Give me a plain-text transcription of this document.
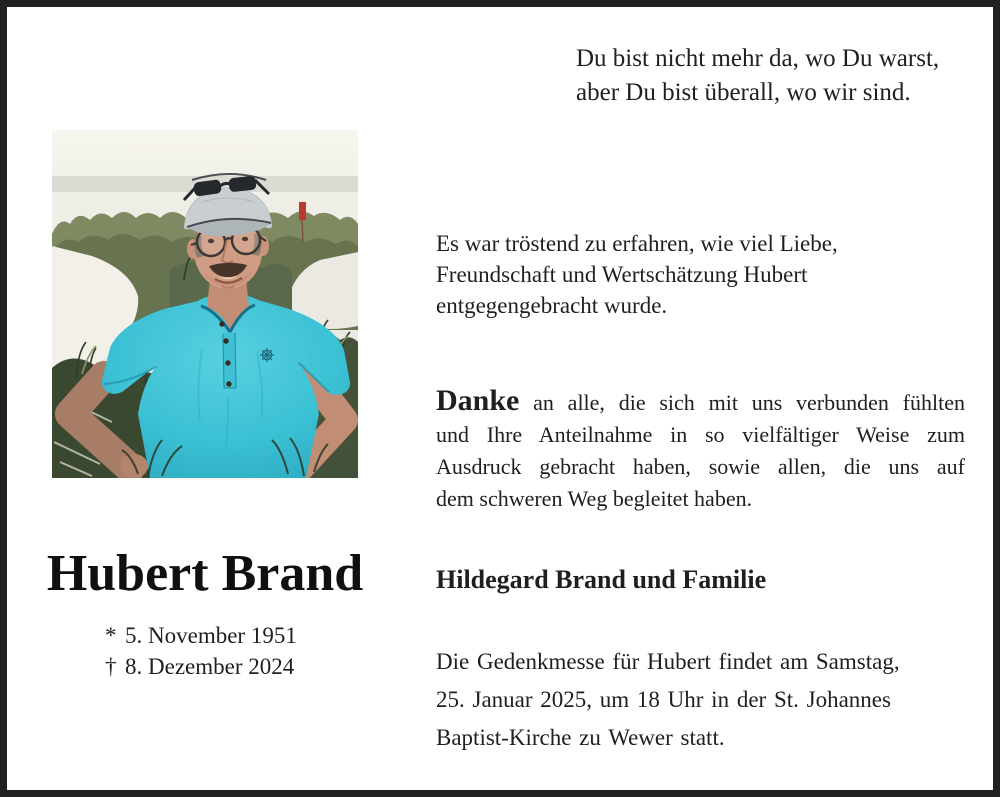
Du bist nicht mehr da, wo Du warst,
aber Du bist überall, wo wir sind.
Hubert Brand
* 5. November 1951
† 8. Dezember 2024
Es war tröstend zu erfahren, wie viel Liebe,
Freundschaft und Wertschätzung Hubert
entgegengebracht wurde.
Danke an alle, die sich mit uns verbunden fühlten
und Ihre Anteilnahme in so vielfältiger Weise zum
Ausdruck gebracht haben, sowie allen, die uns auf
dem schweren Weg begleitet haben.
Hildegard Brand und Familie
Die Gedenkmesse für Hubert findet am Samstag,
25. Januar 2025, um 18 Uhr in der St. Johannes
Baptist-Kirche zu Wewer statt.
